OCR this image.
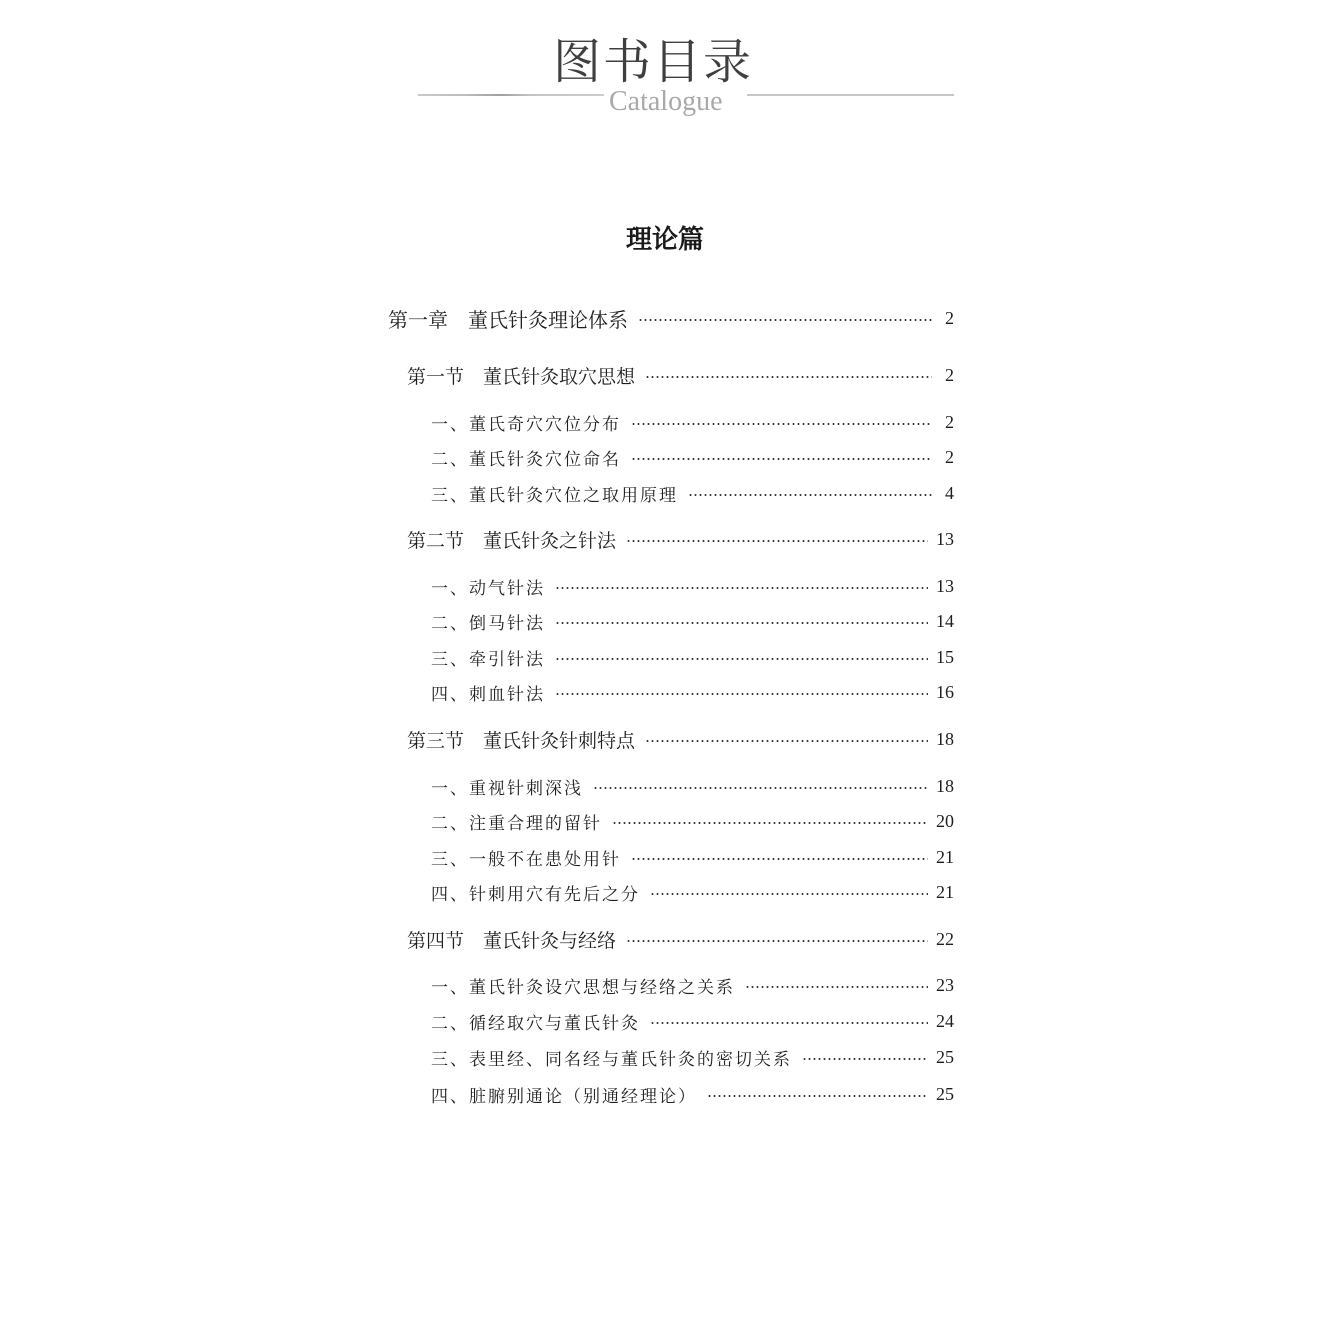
图书目录
Catalogue
理论篇
第一章　董氏针灸理论体系	2
第一节　董氏针灸取穴思想	2
一、董氏奇穴穴位分布	2
二、董氏针灸穴位命名	2
三、董氏针灸穴位之取用原理	4
第二节　董氏针灸之针法	13
一、动气针法	13
二、倒马针法	14
三、牵引针法	15
四、刺血针法	16
第三节　董氏针灸针刺特点	18
一、重视针刺深浅	18
二、注重合理的留针	20
三、一般不在患处用针	21
四、针刺用穴有先后之分	21
第四节　董氏针灸与经络	22
一、董氏针灸设穴思想与经络之关系	23
二、循经取穴与董氏针灸	24
三、表里经、同名经与董氏针灸的密切关系	25
四、脏腑别通论（别通经理论）	25
